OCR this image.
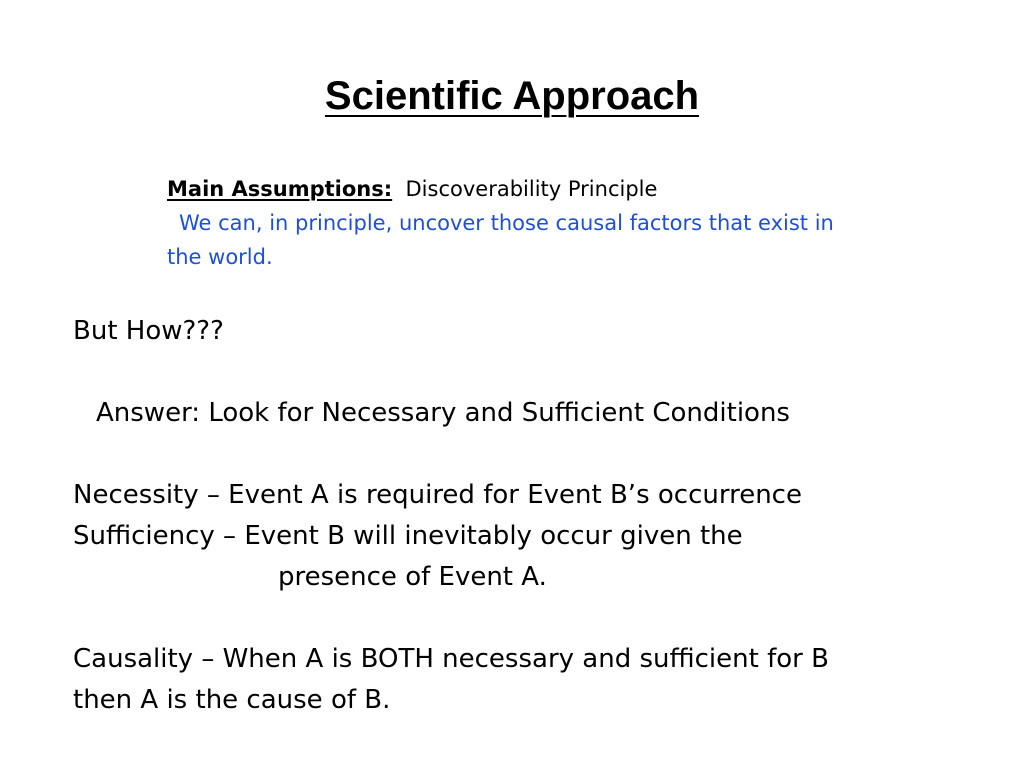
Scientific Approach
Main Assumptions: Discoverability Principle
We can, in principle, uncover those causal factors that exist in
the world.
But How???
Answer: Look for Necessary and Sufficient Conditions
Necessity – Event A is required for Event B’s occurrence
Sufficiency – Event B will inevitably occur given the
presence of Event A.
Causality – When A is BOTH necessary and sufficient for B
then A is the cause of B.
